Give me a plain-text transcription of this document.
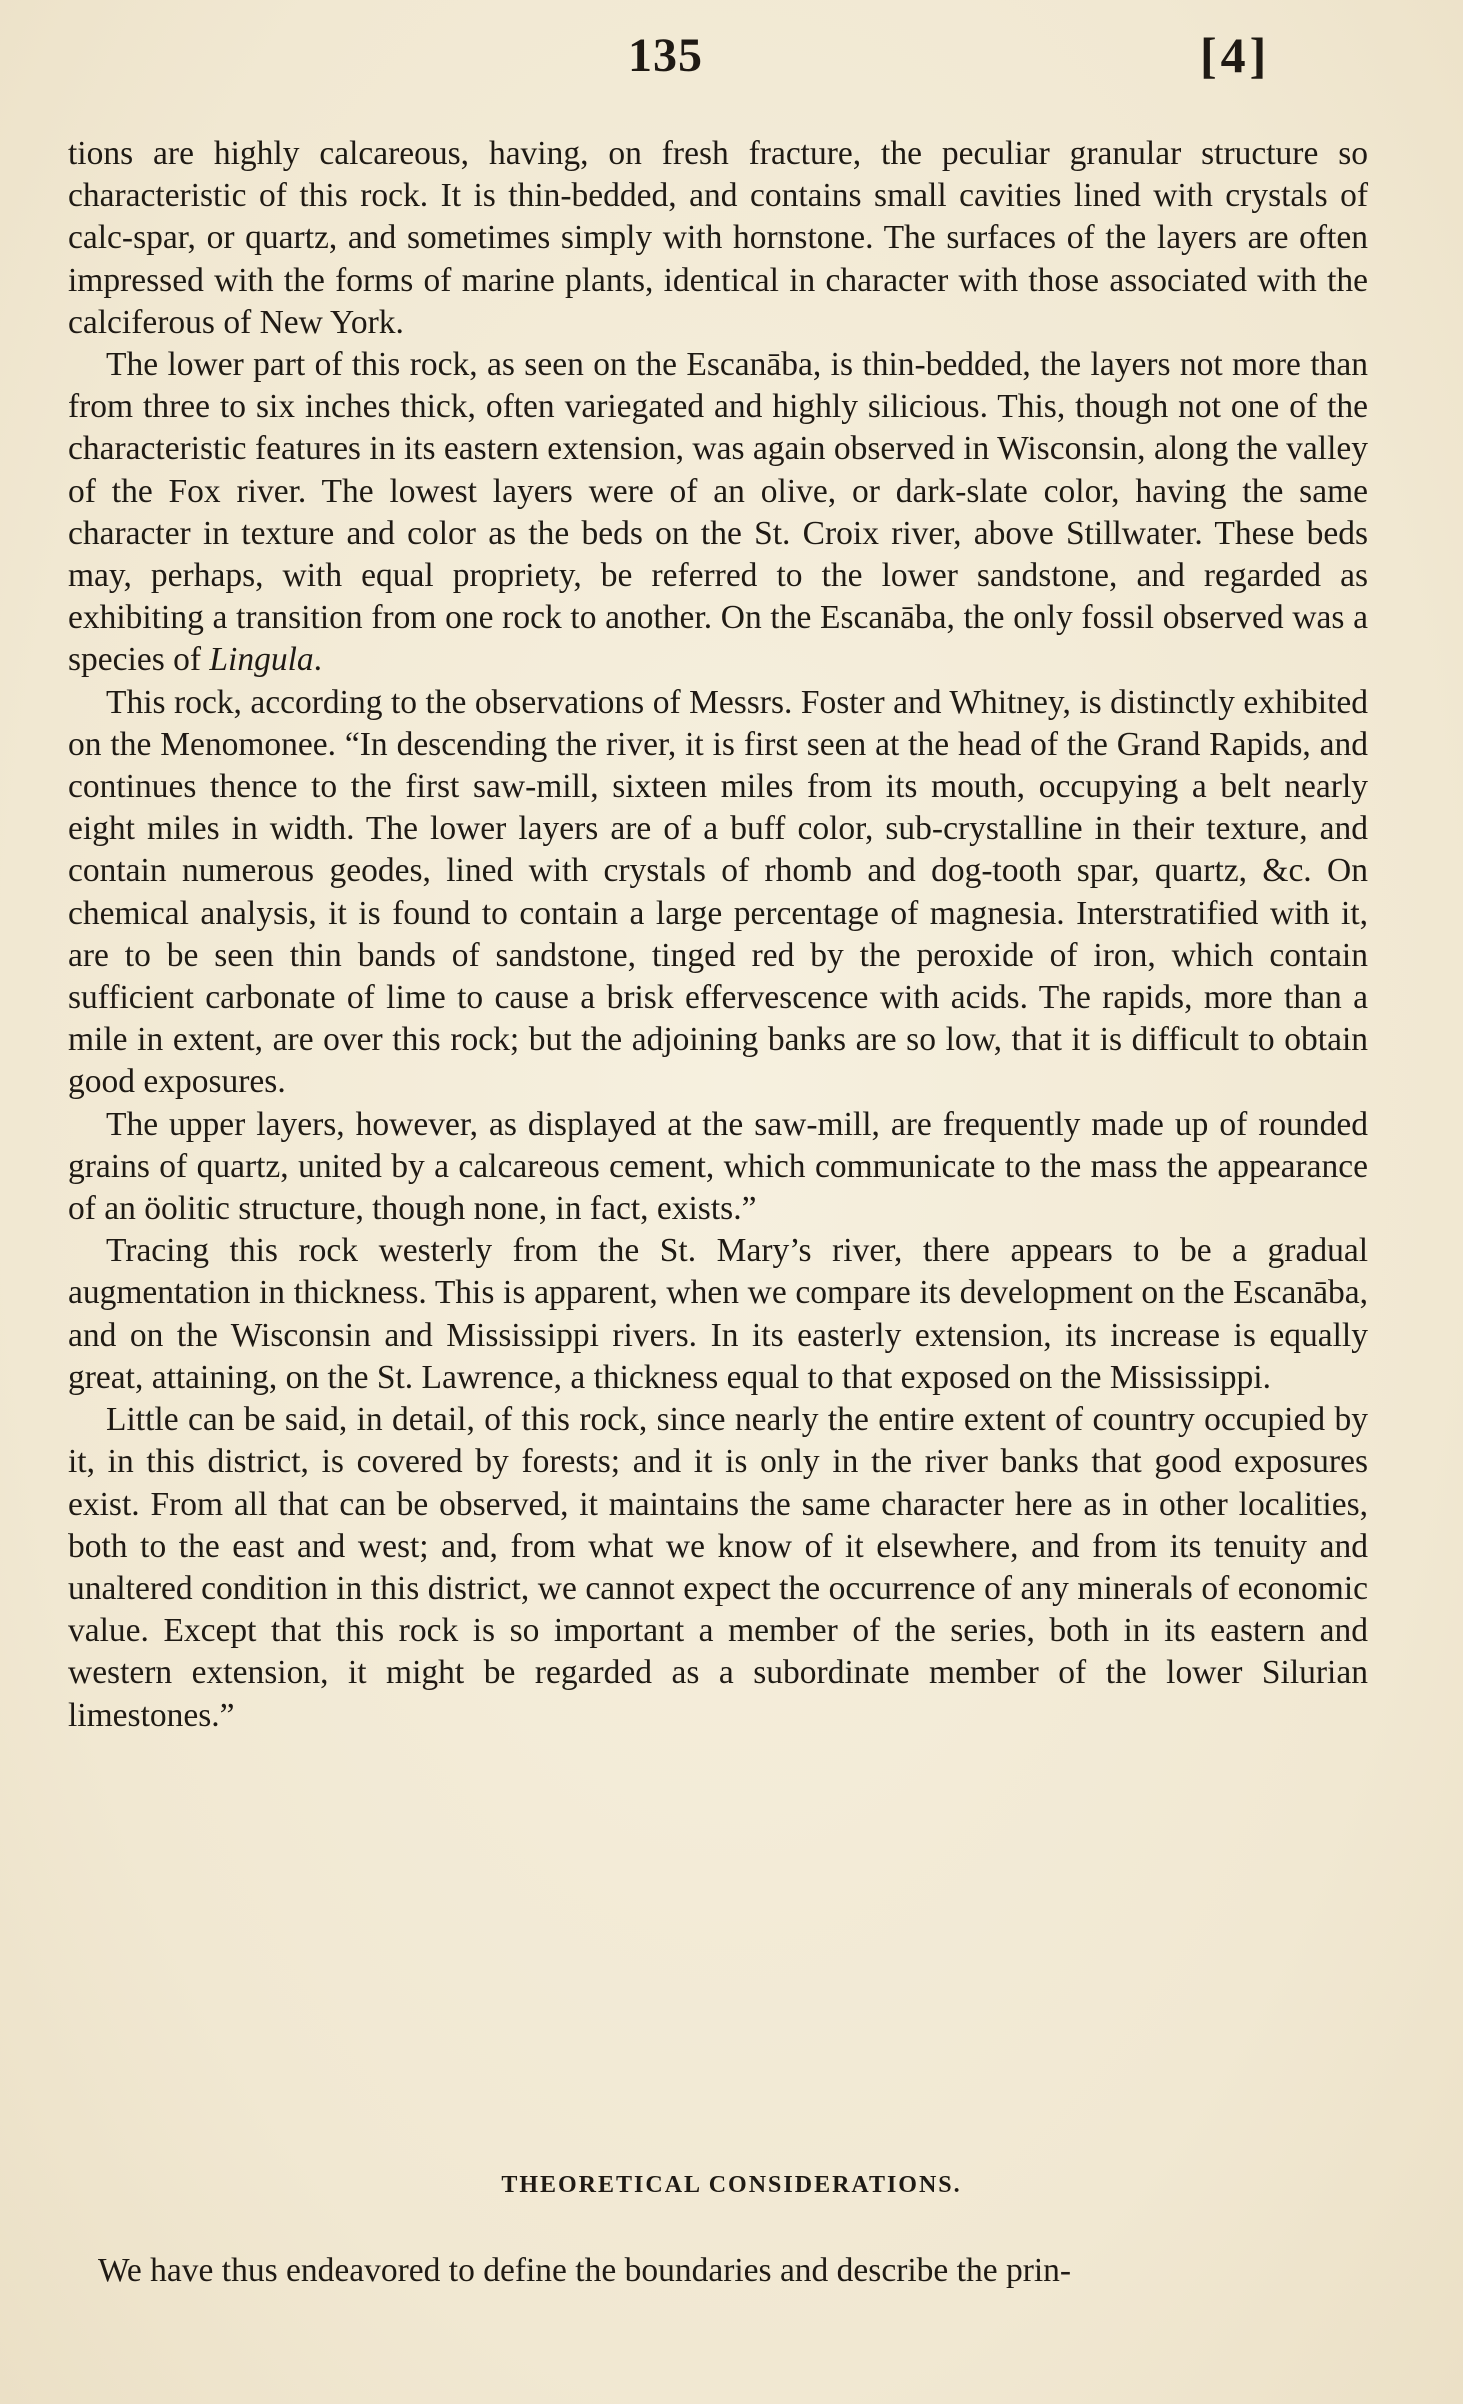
135	[4]

tions are highly calcareous, having, on fresh fracture, the peculiar granular structure so characteristic of this rock. It is thin-bedded, and contains small cavities lined with crystals of calc-spar, or quartz, and sometimes simply with hornstone. The surfaces of the layers are often impressed with the forms of marine plants, identical in character with those associated with the calciferous of New York.

The lower part of this rock, as seen on the Escanāba, is thin-bedded, the layers not more than from three to six inches thick, often variegated and highly silicious. This, though not one of the characteristic features in its eastern extension, was again observed in Wisconsin, along the valley of the Fox river. The lowest layers were of an olive, or dark-slate color, having the same character in texture and color as the beds on the St. Croix river, above Stillwater. These beds may, perhaps, with equal propriety, be referred to the lower sandstone, and regarded as exhibiting a transition from one rock to another. On the Escanāba, the only fossil observed was a species of Lingula.

This rock, according to the observations of Messrs. Foster and Whitney, is distinctly exhibited on the Menomonee. “In descending the river, it is first seen at the head of the Grand Rapids, and continues thence to the first saw-mill, sixteen miles from its mouth, occupying a belt nearly eight miles in width. The lower layers are of a buff color, sub-crystalline in their texture, and contain numerous geodes, lined with crystals of rhomb and dog-tooth spar, quartz, &c. On chemical analysis, it is found to contain a large percentage of magnesia. Interstratified with it, are to be seen thin bands of sandstone, tinged red by the peroxide of iron, which contain sufficient carbonate of lime to cause a brisk effervescence with acids. The rapids, more than a mile in extent, are over this rock; but the adjoining banks are so low, that it is difficult to obtain good exposures.

The upper layers, however, as displayed at the saw-mill, are frequently made up of rounded grains of quartz, united by a calcareous cement, which communicate to the mass the appearance of an öolitic structure, though none, in fact, exists.”

Tracing this rock westerly from the St. Mary’s river, there appears to be a gradual augmentation in thickness. This is apparent, when we compare its development on the Escanāba, and on the Wisconsin and Mississippi rivers. In its easterly extension, its increase is equally great, attaining, on the St. Lawrence, a thickness equal to that exposed on the Mississippi.

Little can be said, in detail, of this rock, since nearly the entire extent of country occupied by it, in this district, is covered by forests; and it is only in the river banks that good exposures exist. From all that can be observed, it maintains the same character here as in other localities, both to the east and west; and, from what we know of it elsewhere, and from its tenuity and unaltered condition in this district, we cannot expect the occurrence of any minerals of economic value. Except that this rock is so important a member of the series, both in its eastern and western extension, it might be regarded as a subordinate member of the lower Silurian limestones.”

THEORETICAL CONSIDERATIONS.
We have thus endeavored to define the boundaries and describe the prin-
